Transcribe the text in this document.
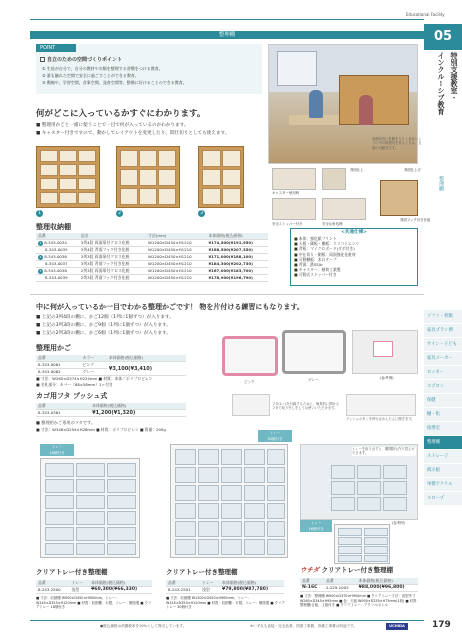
Educational Facility
05
特別支援教室・
インクルーシブ教育
整理棚
整理棚
POINT
自立のための空間づくりポイント
① 生徒が自分で、自分の教材や衣類を整理する習慣をつける教育。
② 誰も触れた空間で安全に過ごすことができる教育。
③ 動線や、学習空間、食事空間、発育空間等、整備に好けることのできる教育。
何がどこに入っているかすぐにわかります。
■ 整理用かごと一緒に使うことで一目で何が入っているのかわかります。
■ キャスター付きですので、動かしてレイアウトを変更したり、間仕切りとしても使えます。
収納付近に危険を入りこまないように中の保護具を見るときは、全面の可動式です。
1	2	3
キャスター使用時
背面仕上	背面仕上げ
安全ストッパー付き	安全な角処理
背面フック付き仕組
整理収納棚
品番	品名	寸法(mm)	本体価格(税込価格)
1 8-343-0034	3列4段 両面扉付クロス化粧	W1200×D450×H1210	¥174,500(¥191,950)
8-343-0035	3列4段 背面フック付き化粧	W1200×D450×H1210	¥188,500(¥207,350)
2 8-343-0036	3列3段 両面扉付クロス化粧	W1200×D450×H1210	¥171,000(¥188,100)
8-343-0037	3列3段 背面フック付き化粧	W1200×D450×H1210	¥184,300(¥202,730)
3 8-343-0038	2列3段 両面扉付クロス化粧	W1200×D450×H1210	¥167,000(¥183,700)
8-343-0039	2列3段 背面フック付き化粧	W1200×D450×H1210	¥178,900(¥196,790)
<共通仕様>
■ 本体：強化紙プリント
■ 天板・側板・棚板：スリコトエンリ
■ 背板：マイクロボード(ダボ付き)
■ 中仕切り・側板：両面強化化粧材
■ 可動棚板：木口テープ
■ 背面：鉄SS/b
■ キャスター：耐荷工業製
■ 可動式ストッパー付き
中に何が入っているか一目でわかる整理かごです！ 物を片付ける練習にもなります。
■ 上記の3列4段の棚に、かご12個（1列に1個ずつ）が入ります。
■ 上記の3列3段の棚に、かご9個（1列に1個ずつ）が入ります。
■ 上記の2列3段の棚に、かご6個（1列に1個ずつ）が入ります。
整理用かご
品番	カラー	本体価格(税込価格)
8-343-0061	ピンク	¥3,100(¥3,410)
8-343-0062	グレー	
■ 寸法：W265×D374×H224mm ■ 材質：本体／ポリプロピレン
■ 名札部分：カバー（88×58mm）1ヶ付き	ピンク	グレー	(参考例)
カゴ用フタ プッシュ式
品番	本体価格(税込価格)
8-343-0361	¥1,200(¥1,320)
■ 整理用かご専用のフタです。
■ 寸法：W346×D254×H28mm ■ 材質：ポリプロピレン ■ 質量：200g
フタ(1ヶ)を付属するために、簡易的に開けるフタで取り外しをしてお使いいただけます。
プッシュボタンを押せばかんたんに開きます。
トレー
18個付き
クリアトレー付き整理棚
品番	トレー	本体価格(税込価格)
8-243-2500	浅型	¥60,300(¥66,330)
■ 寸法：収納棚 W900×D450×H900mm、トレー：W145×D355×H120mm ■ 材質：収納棚：木製、トレー：樹脂製 ■ クリアトレー 18個付き
トレー
30個付き
クリアトレー付き整理棚
品番	トレー	本体価格(税込価格)
8-243-2501	浅型	¥79,800(¥87,780)
■ 寸法：収納棚 W1200×D450×H900mm、トレー：W145×D355×H120mm ■ 材質：収納棚：木製、トレー：樹脂製 ■ クリアトレー 30個付き
トレーを取り出すと、棚間隔も作り替えができます。
(参考例)
トレー
16個付き
ウチダ クリアトレー付き整理棚
品番	品番	本体価格(税込価格)
N-16C	2-229-1003	¥88,000(¥96,800)
■ 寸法：整理棚 W900×D370×H900mm ■ クリアトレー寸法：浅型外寸 W260×D345×H95mm ■ 色：天板 W900×D255×H75mm(1段) ■ 材質：整理棚/合板、上板付き ■ クリアトレー：アクリルボトル
ソファ・机類
家具プラン例
サイン・子ども
家具メーカー
ロッカー
エプロン
保健
棚・机
指導室
整理棚
ストレージ
掲示板
単積アクリル
スロープ
●税込価格は消費税率を10%として算出しています。	※いずれも直接・完全品業、図面工事費、設備工事費は別途です。	UCHIDA	179
